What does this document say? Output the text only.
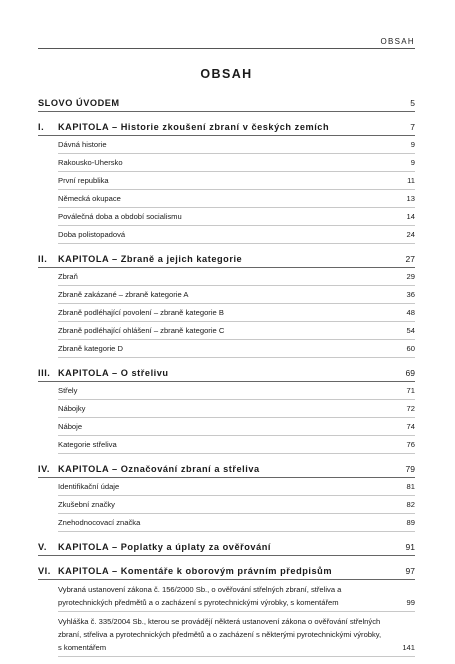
OBSAH
OBSAH
SLOVO ÚVODEM	5
I. KAPITOLA – Historie zkoušení zbraní v českých zemích	7
Dávná historie	9
Rakousko-Uhersko	9
První republika	11
Německá okupace	13
Poválečná doba a období socialismu	14
Doba polistopadová	24
II. KAPITOLA – Zbraně a jejich kategorie	27
Zbraň	29
Zbraně zakázané – zbraně kategorie A	36
Zbraně podléhající povolení – zbraně kategorie B	48
Zbraně podléhající ohlášení – zbraně kategorie C	54
Zbraně kategorie D	60
III. KAPITOLA – O střelivu	69
Střely	71
Nábojky	72
Náboje	74
Kategorie střeliva	76
IV. KAPITOLA – Označování zbraní a střeliva	79
Identifikační údaje	81
Zkušební značky	82
Znehodnocovací značka	89
V. KAPITOLA – Poplatky a úplaty za ověřování	91
VI. KAPITOLA – Komentáře k oborovým právním předpisům	97
Vybraná ustanovení zákona č. 156/2000 Sb., o ověřování střelných zbraní, střeliva a pyrotechnických předmětů a o zacházení s pyrotechnickými výrobky, s komentářem	99
Vyhláška č. 335/2004 Sb., kterou se provádějí některá ustanovení zákona o ověřování střelných zbraní, střeliva a pyrotechnických předmětů a o zacházení s některými pyrotechnickými výrobky, s komentářem	141
